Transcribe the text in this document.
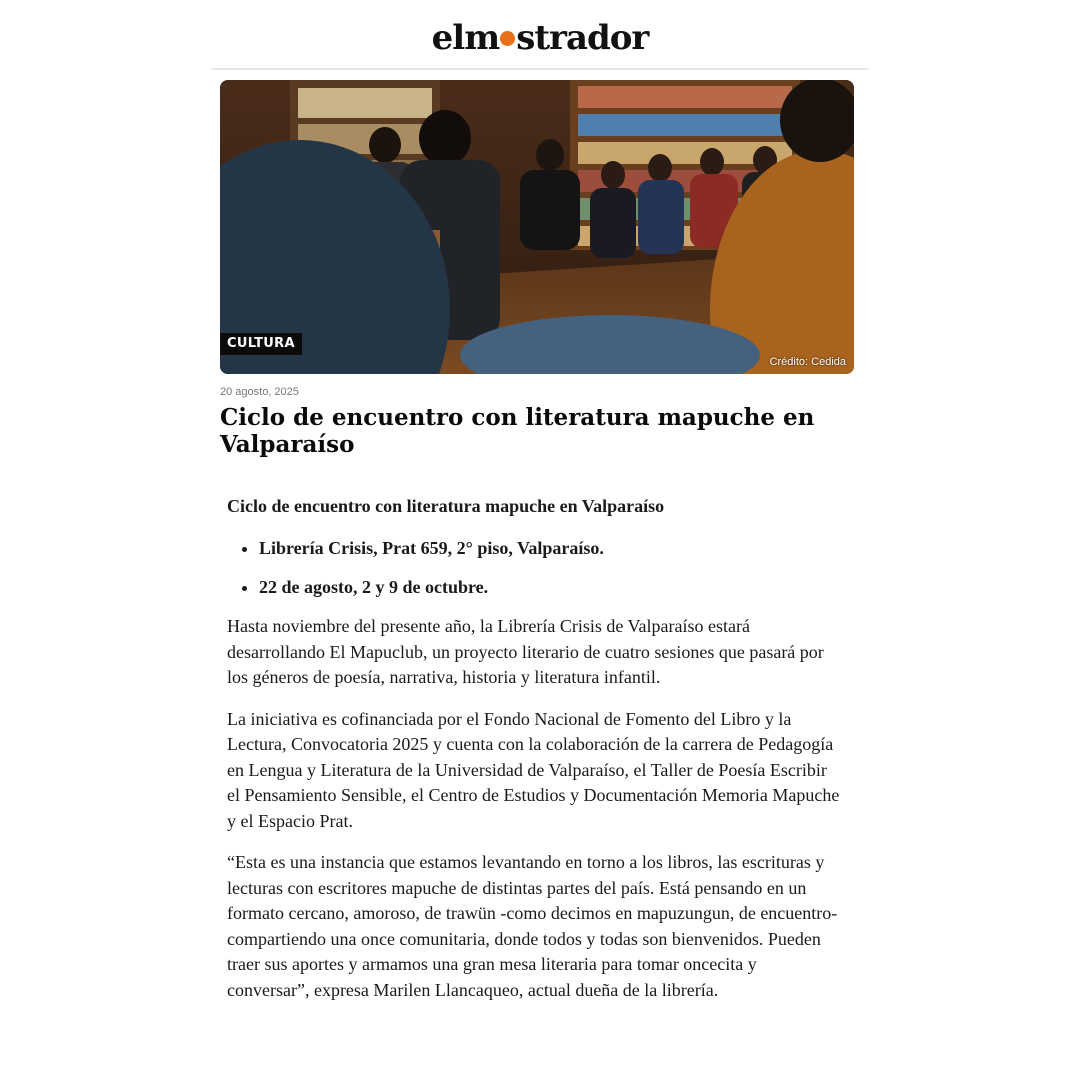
elm strador
CULTURA
Crédito: Cedida
20 agosto, 2025
Ciclo de encuentro con literatura mapuche en Valparaíso

Ciclo de encuentro con literatura mapuche en Valparaíso

• Librería Crisis, Prat 659, 2° piso, Valparaíso.
• 22 de agosto, 2 y 9 de octubre.

Hasta noviembre del presente año, la Librería Crisis de Valparaíso estará desarrollando El Mapuclub, un proyecto literario de cuatro sesiones que pasará por los géneros de poesía, narrativa, historia y literatura infantil.

La iniciativa es cofinanciada por el Fondo Nacional de Fomento del Libro y la Lectura, Convocatoria 2025 y cuenta con la colaboración de la carrera de Pedagogía en Lengua y Literatura de la Universidad de Valparaíso, el Taller de Poesía Escribir el Pensamiento Sensible, el Centro de Estudios y Documentación Memoria Mapuche y el Espacio Prat.

“Esta es una instancia que estamos levantando en torno a los libros, las escrituras y lecturas con escritores mapuche de distintas partes del país. Está pensando en un formato cercano, amoroso, de trawün -como decimos en mapuzungun, de encuentro- compartiendo una once comunitaria, donde todos y todas son bienvenidos. Pueden traer sus aportes y armamos una gran mesa literaria para tomar oncecita y conversar”, expresa Marilen Llancaqueo, actual dueña de la librería.
